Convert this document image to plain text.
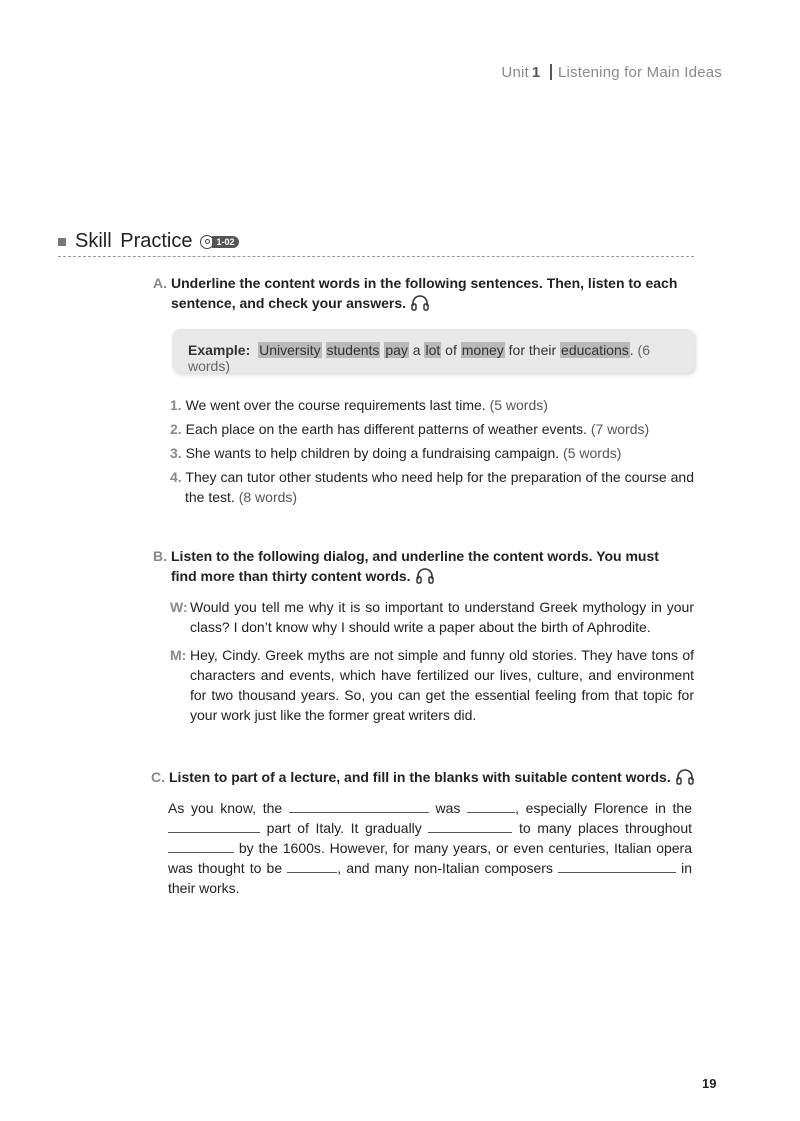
Unit 1 Listening for Main Ideas
Skill Practice	1-02
A. Underline the content words in the following sentences. Then, listen to each
sentence, and check your answers.
Example: University students pay a lot of money for their educations. (6 words)
1. We went over the course requirements last time. (5 words)
2. Each place on the earth has different patterns of weather events. (7 words)
3. She wants to help children by doing a fundraising campaign. (5 words)
4. They can tutor other students who need help for the preparation of the course and the test. (8 words)
B. Listen to the following dialog, and underline the content words. You must
find more than thirty content words.
W: Would you tell me why it is so important to understand Greek mythology in your class? I don’t know why I should write a paper about the birth of Aphrodite.
M: Hey, Cindy. Greek myths are not simple and funny old stories. They have tons of characters and events, which have fertilized our lives, culture, and environment for two thousand years. So, you can get the essential feeling from that topic for your work just like the former great writers did.
C. Listen to part of a lecture, and fill in the blanks with suitable content words.
As you know, the	was	, especially Florence in the  part of Italy. It gradually	to many places throughout  by the 1600s. However, for many years, or even centuries, Italian opera was thought to be	, and many non-Italian composers	in their works.
19
